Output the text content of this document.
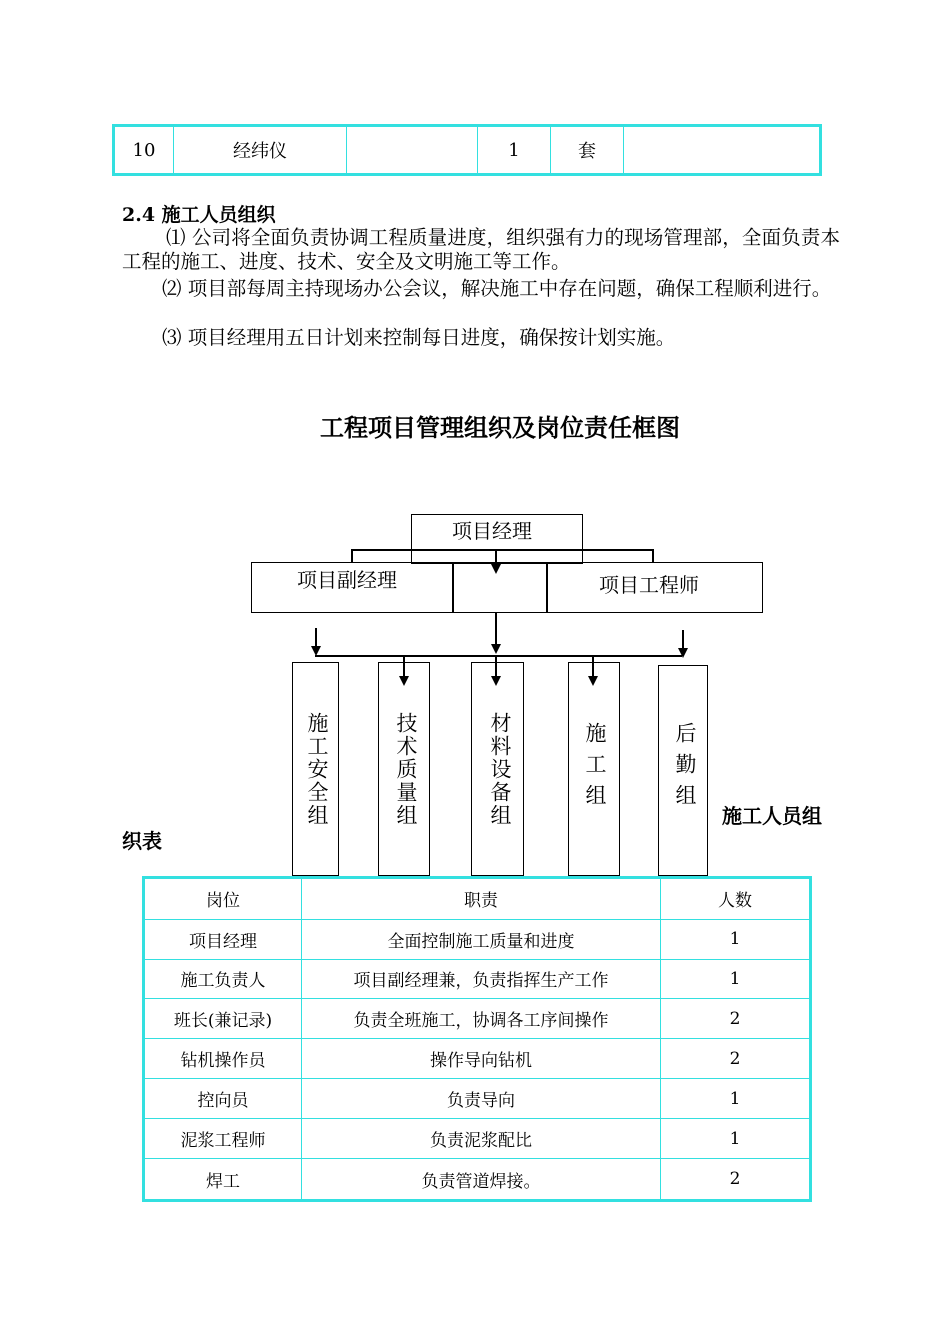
10	经纬仪		1	套	
2.4 施工人员组织
⑴ 公司将全面负责协调工程质量进度，组织强有力的现场管理部，全面负责本工程的施工、进度、技术、安全及文明施工等工作。
⑵ 项目部每周主持现场办公会议，解决施工中存在问题，确保工程顺利进行。
⑶ 项目经理用五日计划来控制每日进度，确保按计划实施。
工程项目管理组织及岗位责任框图
项目经理
项目副经理	项目工程师
施工安全组	技术质量组	材料设备组	施工组	后勤组
施工人员组
织表
岗位	职责	人数
项目经理	全面控制施工质量和进度	1
施工负责人	项目副经理兼，负责指挥生产工作	1
班长(兼记录)	负责全班施工，协调各工序间操作	2
钻机操作员	操作导向钻机	2
控向员	负责导向	1
泥浆工程师	负责泥浆配比	1
焊工	负责管道焊接。	2
